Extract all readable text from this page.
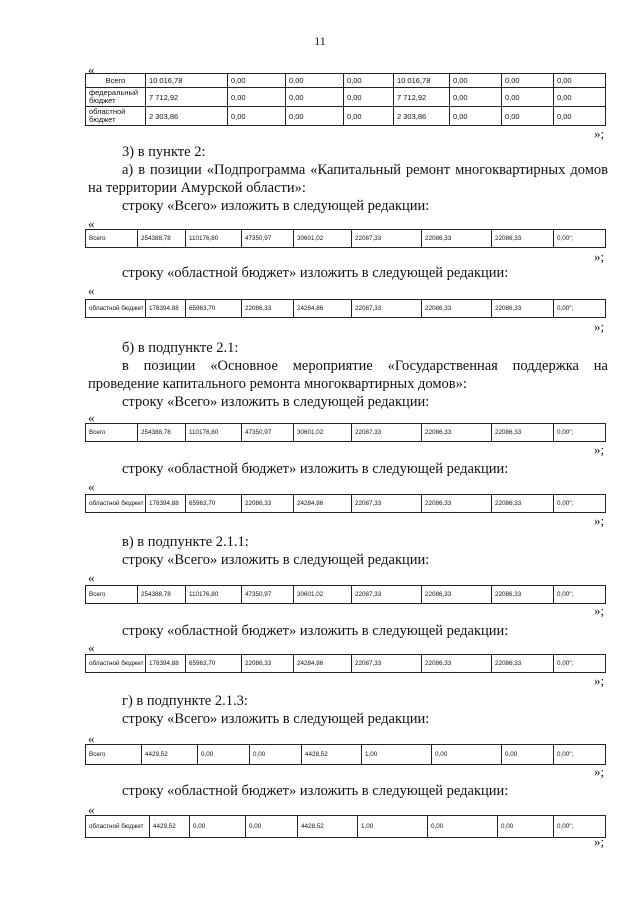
11
«
Всего	10 016,78	0,00	0,00	0,00	10 016,78	0,00	0,00	0,00
федеральный бюджет	7 712,92	0,00	0,00	0,00	7 712,92	0,00	0,00	0,00
областной бюджет	2 303,86	0,00	0,00	0,00	2 303,86	0,00	0,00	0,00
»;
3) в пункте 2:
а) в позиции «Подпрограмма «Капитальный ремонт многоквартирных домов на территории Амурской области»:
строку «Всего» изложить в следующей редакции:
«
Всего	254388,78	110176,80	47350,97	30601,02	22087,33	22086,33	22086,33	0,00";
»;
строку «областной бюджет» изложить в следующей редакции:
«
областной бюджет	178394,88	65963,70	22086,33	24284,86	22087,33	22086,33	22086,33	0,00";
»;
б) в подпункте 2.1:
в позиции «Основное мероприятие «Государственная поддержка на проведение капитального ремонта многоквартирных домов»:
строку «Всего» изложить в следующей редакции:
«
Всего	254388,78	110176,80	47350,97	30601,02	22087,33	22086,33	22086,33	0,00";
»;
строку «областной бюджет» изложить в следующей редакции:
«
областной бюджет	178394,88	65963,70	22086,33	24284,86	22087,33	22086,33	22086,33	0,00";
»;
в) в подпункте 2.1.1:
строку «Всего» изложить в следующей редакции:
«
Всего	254388,78	110176,80	47350,97	30601,02	22087,33	22086,33	22086,33	0,00";
»;
строку «областной бюджет» изложить в следующей редакции:
«
областной бюджет	178394,88	65963,70	22086,33	24284,86	22087,33	22086,33	22086,33	0,00";
»;
г) в подпункте 2.1.3:
строку «Всего» изложить в следующей редакции:
«
Всего	4429,52	0,00	0,00	4428,52	1,00	0,00	0,00	0,00";
»;
строку «областной бюджет» изложить в следующей редакции:
«
областной бюджет	4429,52	0,00	0,00	4428,52	1,00	0,00	0,00	0,00";
»;
